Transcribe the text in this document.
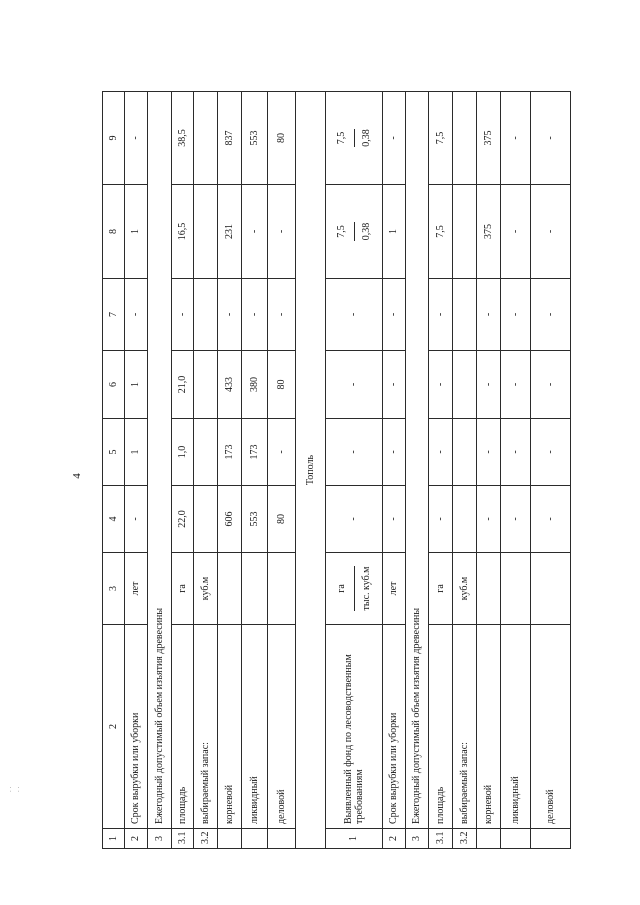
. . . .
4
1	2	3	4	5	6	7	8	9
2	Срок вырубки или уборки	лет	-	1	1	-	1	-
3	Ежегодный допустимый объем изъятия древесины							
3.1	площадь	га	22,0	1,0	21,0	-	16,5	38,5
3.2	выбираемый запас:	куб.м						
	корневой		606	173	433	-	231	837
	ликвидный		553	173	380	-	-	553
	деловой		80	-	80	-	-	80
Тополь								
1	Выявленный фонд по лесоводственным требованиям	га тыс. куб.м	-	-	-	-	7,5 0,38	7,5 0,38

2	Срок вырубки или уборки	лет	-	-	-	-	1	-
3	Ежегодный допустимый объем изъятия древесины							
3.1	площадь	га	-	-	-	-	7,5	7,5
3.2	выбираемый запас:	куб.м						
	корневой		-	-	-	-	375	375
	ликвидный		-	-	-	-	-	-
	деловой		-	-	-	-	-	-
